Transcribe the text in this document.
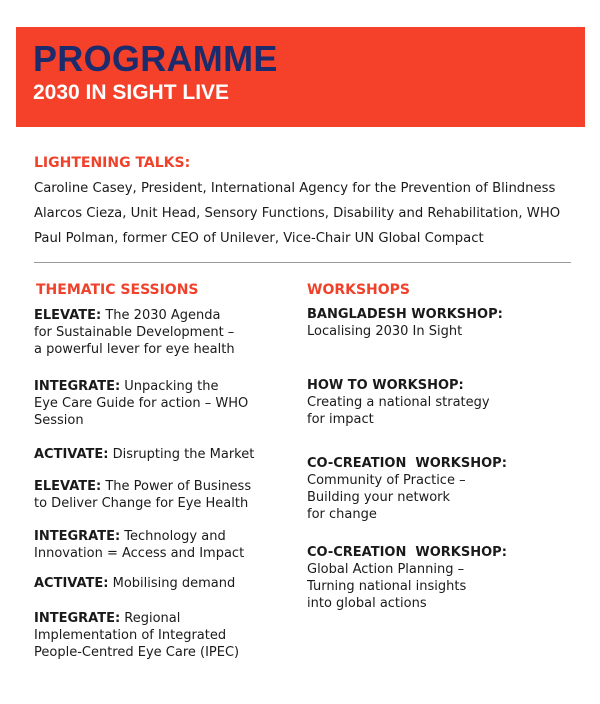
PROGRAMME
2030 IN SIGHT LIVE
LIGHTENING TALKS:
Caroline Casey, President, International Agency for the Prevention of Blindness
Alarcos Cieza, Unit Head, Sensory Functions, Disability and Rehabilitation, WHO
Paul Polman, former CEO of Unilever, Vice-Chair UN Global Compact
THEMATIC SESSIONS	WORKSHOPS
ELEVATE: The 2030 Agenda
for Sustainable Development –
a powerful lever for eye health
INTEGRATE: Unpacking the
Eye Care Guide for action – WHO
Session
ACTIVATE: Disrupting the Market
ELEVATE: The Power of Business
to Deliver Change for Eye Health
INTEGRATE: Technology and
Innovation = Access and Impact
ACTIVATE: Mobilising demand
INTEGRATE: Regional
Implementation of Integrated
People-Centred Eye Care (IPEC)
BANGLADESH WORKSHOP:
Localising 2030 In Sight
HOW TO WORKSHOP:
Creating a national strategy
for impact
CO-CREATION  WORKSHOP:
Community of Practice –
Building your network
for change
CO-CREATION  WORKSHOP:
Global Action Planning –
Turning national insights
into global actions
